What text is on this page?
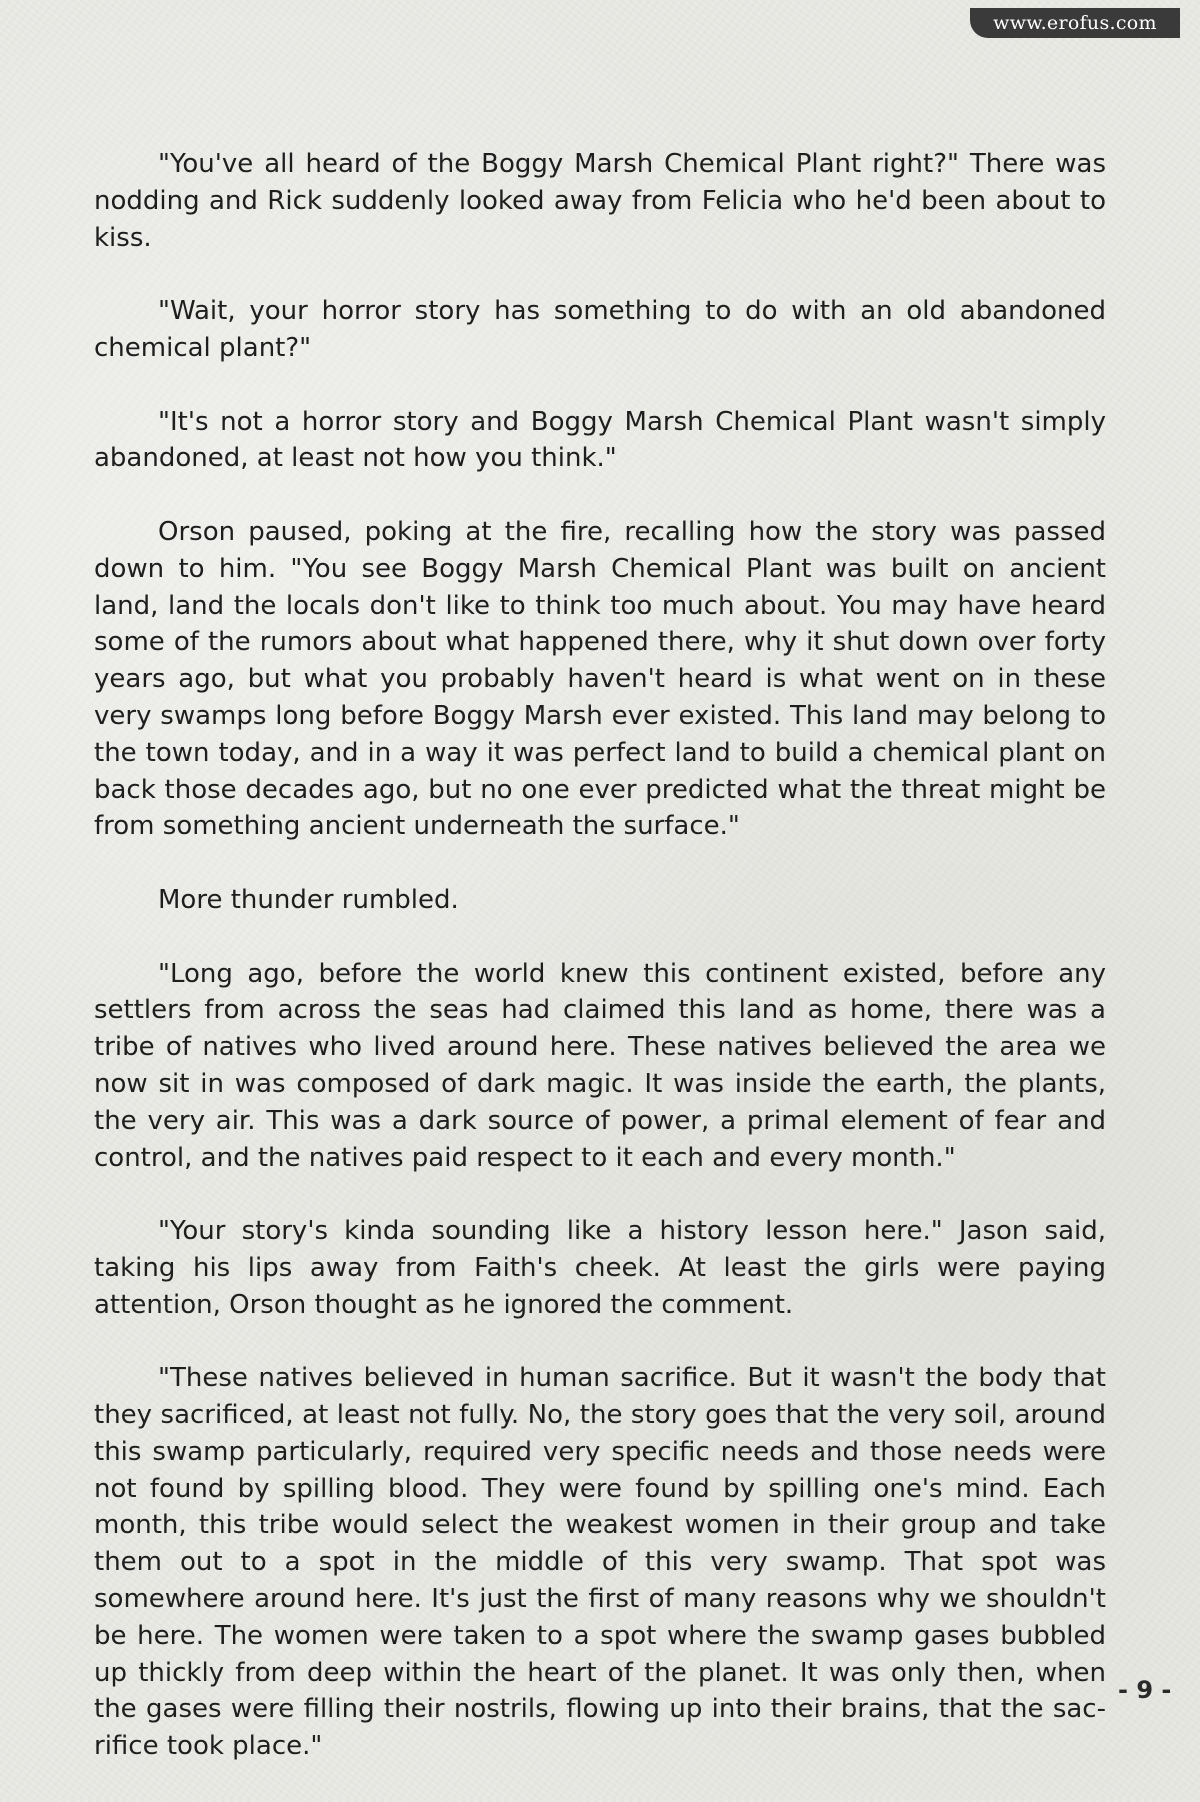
www.erofus.com

"You've all heard of the Boggy Marsh Chemical Plant right?" There was nodding and Rick suddenly looked away from Felicia who he'd been about to kiss.

"Wait, your horror story has something to do with an old abandoned chemical plant?"

"It's not a horror story and Boggy Marsh Chemical Plant wasn't simply abandoned, at least not how you think."

Orson paused, poking at the fire, recalling how the story was passed down to him. "You see Boggy Marsh Chemical Plant was built on ancient land, land the locals don't like to think too much about. You may have heard some of the rumors about what happened there, why it shut down over forty years ago, but what you probably haven't heard is what went on in these very swamps long before Boggy Marsh ever existed. This land may belong to the town today, and in a way it was perfect land to build a chemical plant on back those decades ago, but no one ever predicted what the threat might be from something ancient underneath the surface."

More thunder rumbled.

"Long ago, before the world knew this continent existed, before any settlers from across the seas had claimed this land as home, there was a tribe of natives who lived around here. These natives believed the area we now sit in was composed of dark magic. It was inside the earth, the plants, the very air. This was a dark source of power, a primal element of fear and control, and the natives paid respect to it each and every month."

"Your story's kinda sounding like a history lesson here." Jason said, taking his lips away from Faith's cheek. At least the girls were paying attention, Orson thought as he ignored the comment.

"These natives believed in human sacrifice. But it wasn't the body that they sacrificed, at least not fully. No, the story goes that the very soil, around this swamp particularly, required very specific needs and those needs were not found by spilling blood. They were found by spilling one's mind. Each month, this tribe would select the weakest women in their group and take them out to a spot in the middle of this very swamp. That spot was somewhere around here. It's just the first of many reasons why we shouldn't be here. The women were taken to a spot where the swamp gases bubbled up thickly from deep within the heart of the planet. It was only then, when the gases were filling their nostrils, flowing up into their brains, that the sacrifice took place."

- 9 -
